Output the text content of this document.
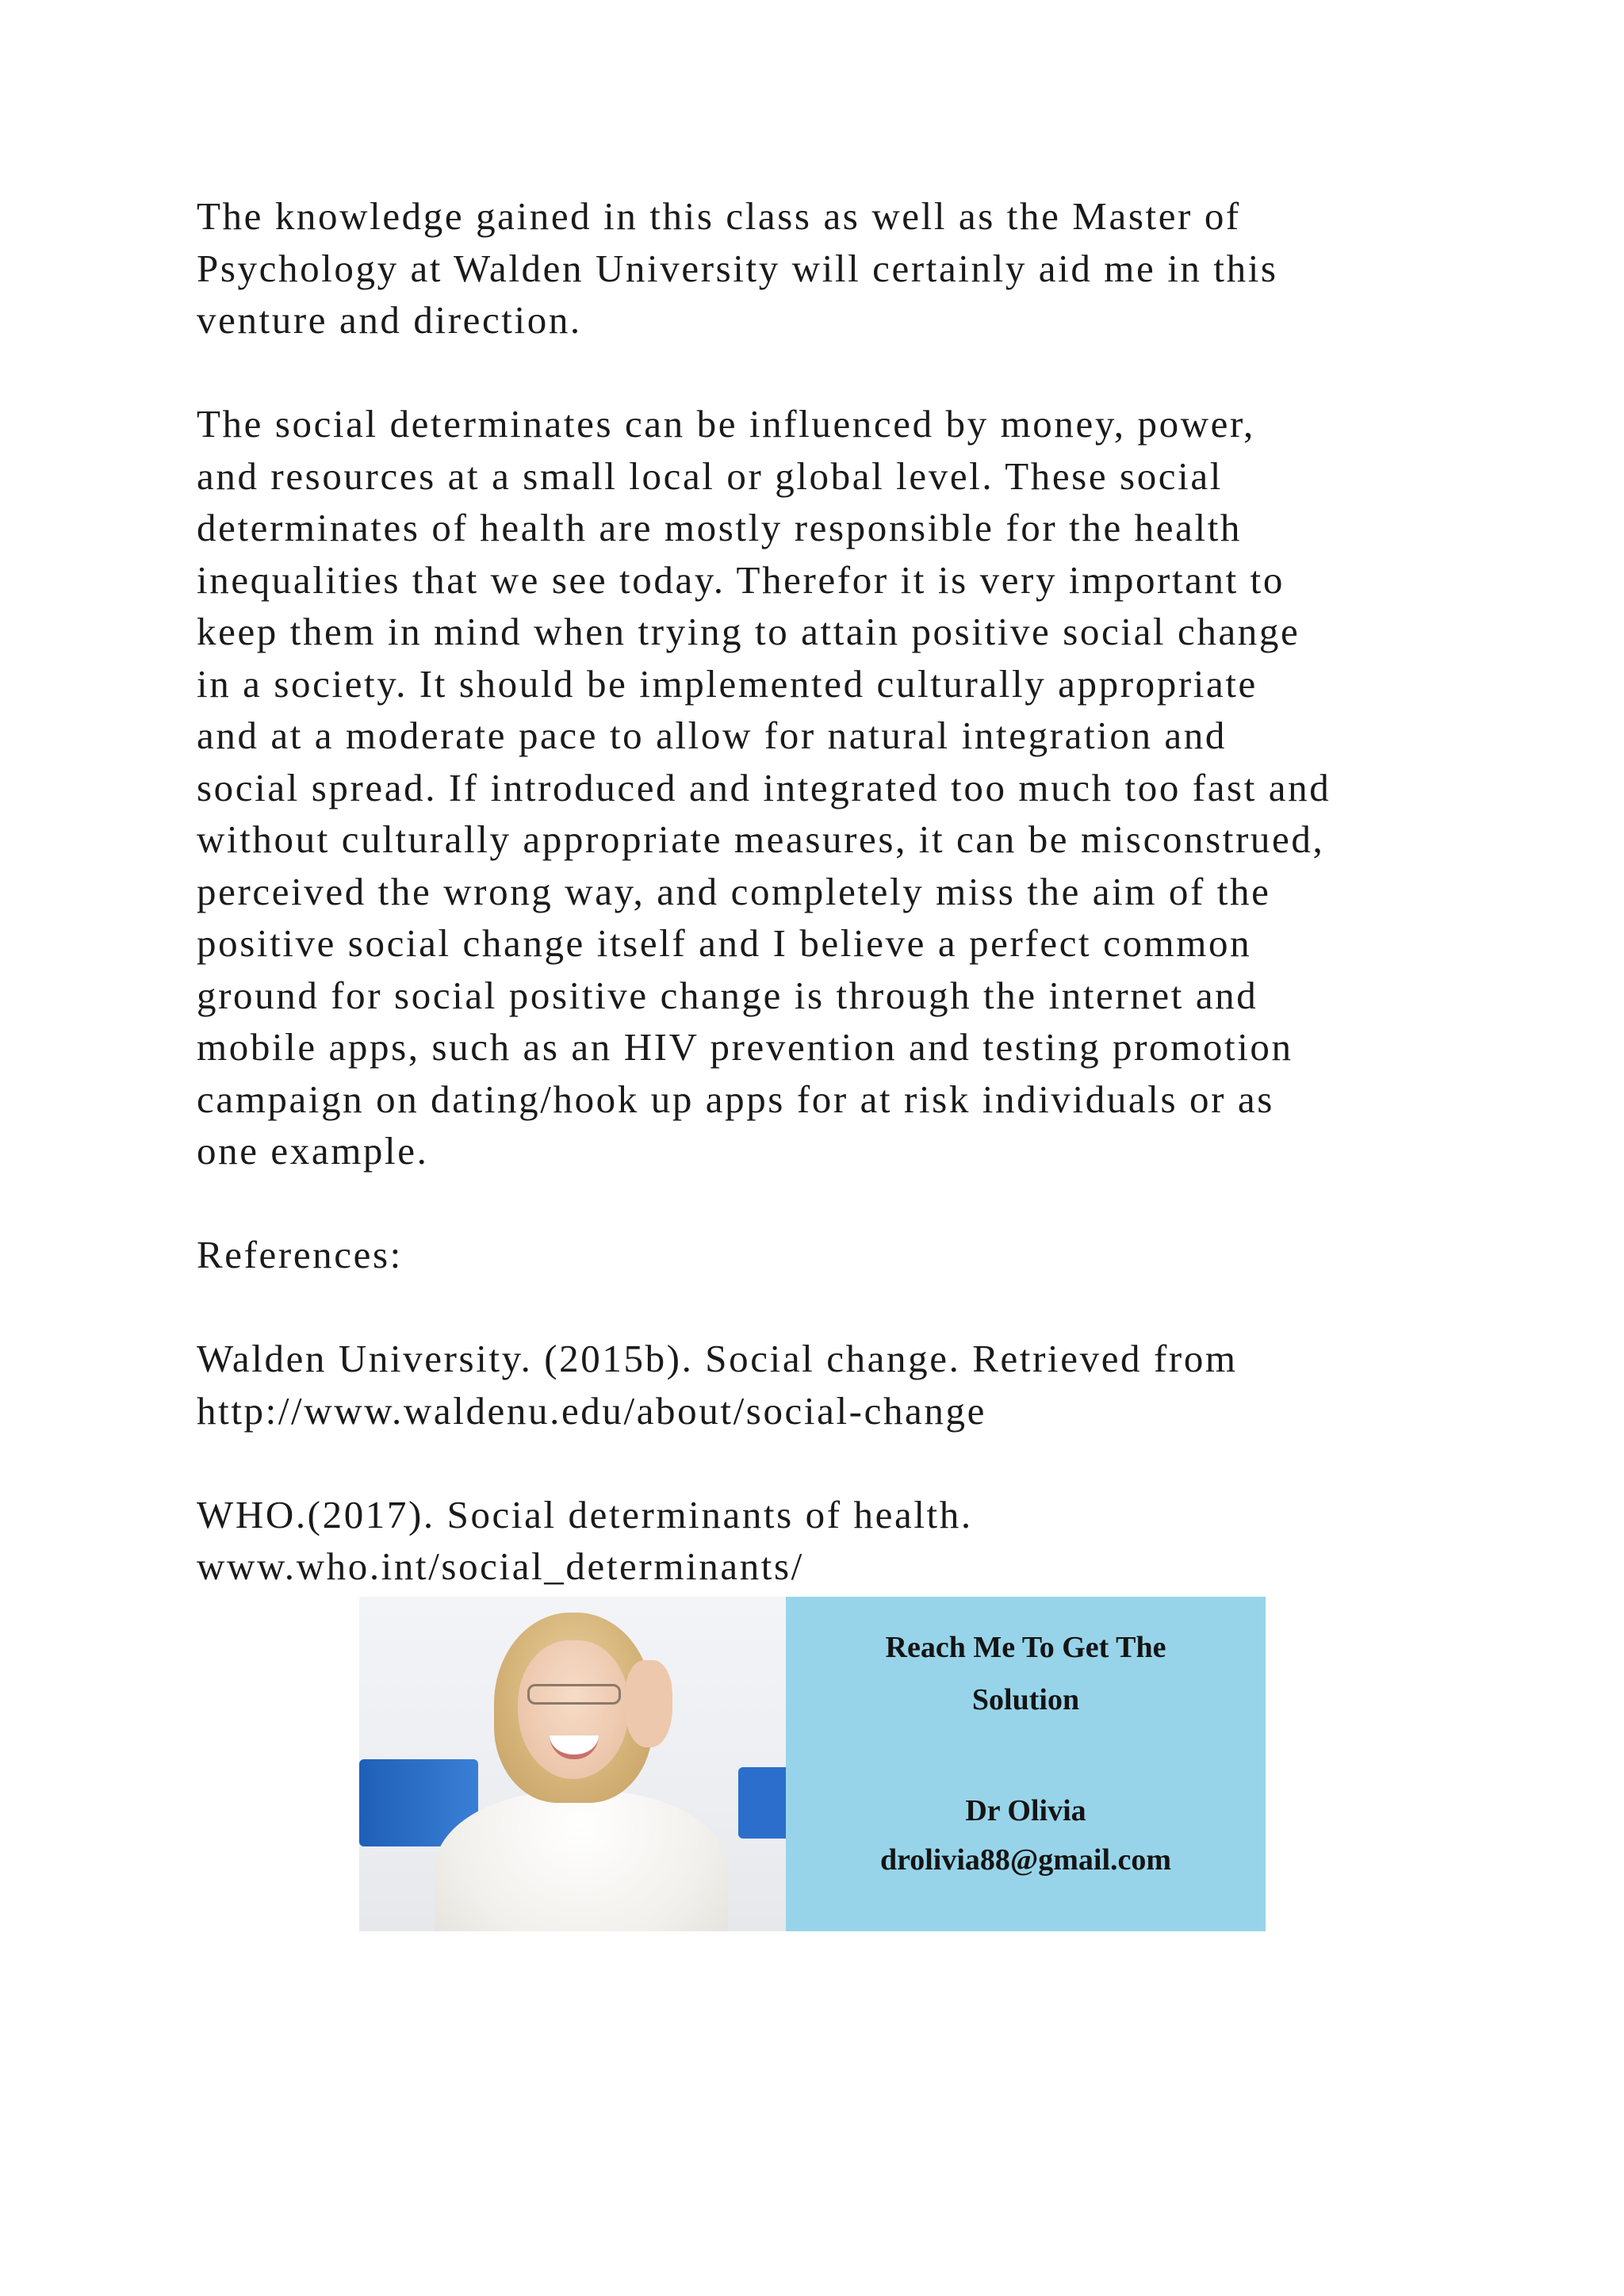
The knowledge gained in this class as well as the Master of
Psychology at Walden University will certainly aid me in this
venture and direction.

The social determinates can be influenced by money, power,
and resources at a small local or global level. These social
determinates of health are mostly responsible for the health
inequalities that we see today. Therefor it is very important to
keep them in mind when trying to attain positive social change
in a society. It should be implemented culturally appropriate
and at a moderate pace to allow for natural integration and
social spread. If introduced and integrated too much too fast and
without culturally appropriate measures, it can be misconstrued,
perceived the wrong way, and completely miss the aim of the
positive social change itself and I believe a perfect common
ground for social positive change is through the internet and
mobile apps, such as an HIV prevention and testing promotion
campaign on dating/hook up apps for at risk individuals or as
one example.

References:

Walden University. (2015b). Social change. Retrieved from
http://www.waldenu.edu/about/social-change

WHO.(2017). Social determinants of health.
www.who.int/social_determinants/

Reach Me To Get The
Solution
Dr Olivia
drolivia88@gmail.com
